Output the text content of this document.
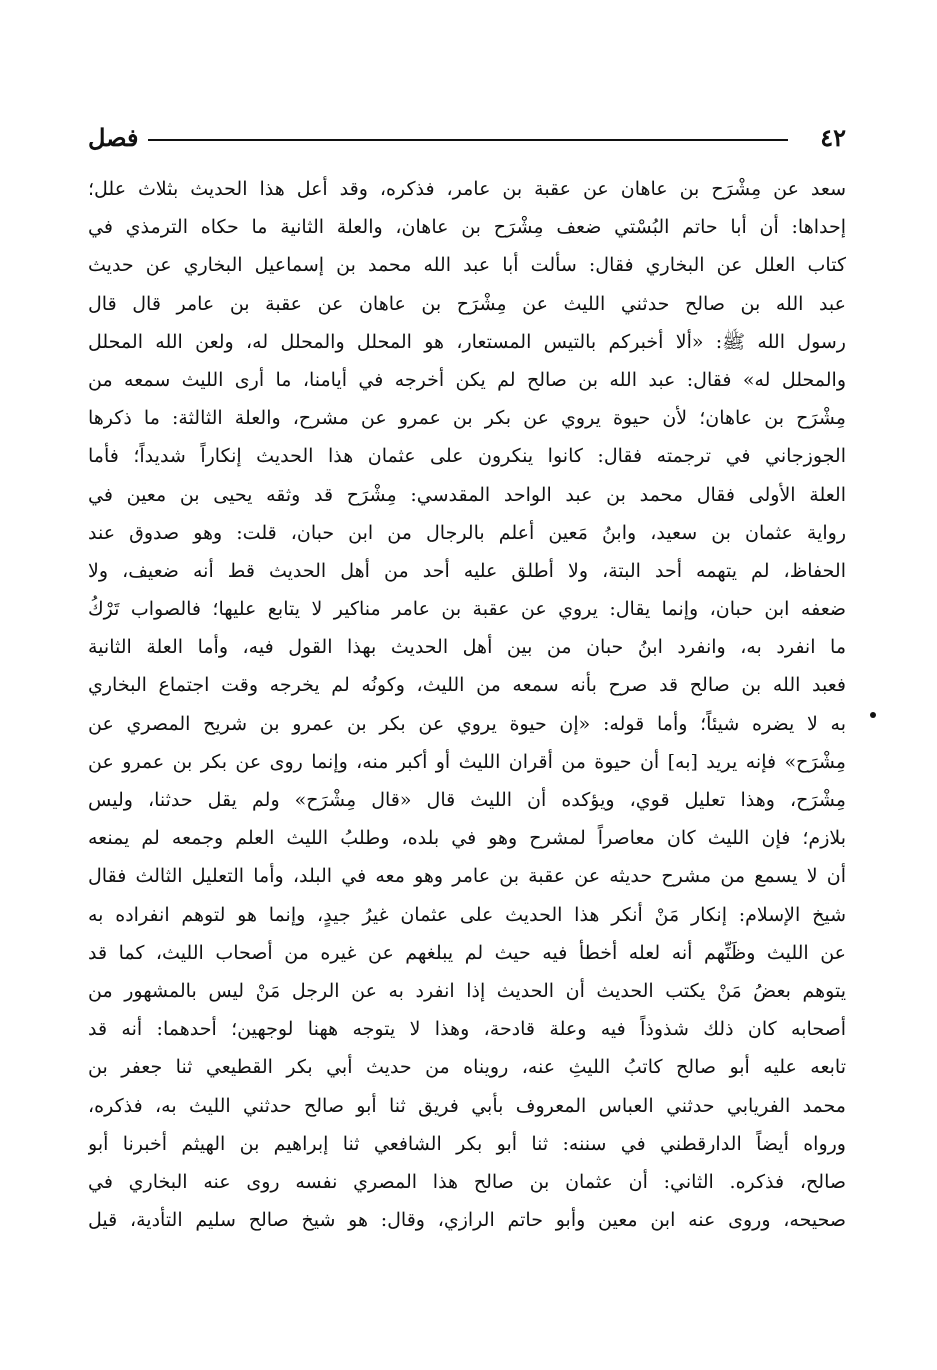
٤٢
فصل
سعد عن مِشْرَح بن عاهان عن عقبة بن عامر، فذكره، وقد أعل هذا الحديث بثلاث علل؛
إحداها: أن أبا حاتم البُسْتي ضعف مِشْرَح بن عاهان، والعلة الثانية ما حكاه الترمذي في
كتاب العلل عن البخاري فقال: سألت أبا عبد الله محمد بن إسماعيل البخاري عن حديث
عبد الله بن صالح حدثني الليث عن مِشْرَح بن عاهان عن عقبة بن عامر قال قال
رسول الله ﷺ: «ألا أخبركم بالتيس المستعار، هو المحلل والمحلل له، ولعن الله المحلل
والمحلل له» فقال: عبد الله بن صالح لم يكن أخرجه في أيامنا، ما أرى الليث سمعه من
مِشْرَح بن عاهان؛ لأن حيوة يروي عن بكر بن عمرو عن مشرح، والعلة الثالثة: ما ذكرها
الجوزجاني في ترجمته فقال: كانوا ينكرون على عثمان هذا الحديث إنكاراً شديداً؛ فأما
العلة الأولى فقال محمد بن عبد الواحد المقدسي: مِشْرَح قد وثقه يحيى بن معين في
رواية عثمان بن سعيد، وابنُ مَعين أعلم بالرجال من ابن حبان، قلت: وهو صدوق عند
الحفاظ، لم يتهمه أحد البتة، ولا أطلق عليه أحد من أهل الحديث قط أنه ضعيف، ولا
ضعفه ابن حبان، وإنما يقال: يروي عن عقبة بن عامر مناكير لا يتابع عليها؛ فالصواب تَرْكُ
ما انفرد به، وانفرد ابنُ حبان من بين أهل الحديث بهذا القول فيه، وأما العلة الثانية
فعبد الله بن صالح قد صرح بأنه سمعه من الليث، وكونُه لم يخرجه وقت اجتماع البخاري
به لا يضره شيئاً؛ وأما قوله: «إن حيوة يروي عن بكر بن عمرو بن شريح المصري عن
مِشْرَح» فإنه يريد [به] أن حيوة من أقران الليث أو أكبر منه، وإنما روى عن بكر بن عمرو عن
مِشْرَح، وهذا تعليل قوي، ويؤكده أن الليث قال «قال مِشْرَح» ولم يقل حدثنا، وليس
بلازم؛ فإن الليث كان معاصراً لمشرح وهو في بلده، وطلبُ الليث العلم وجمعه لم يمنعه
أن لا يسمع من مشرح حديثه عن عقبة بن عامر وهو معه في البلد، وأما التعليل الثالث فقال
شيخ الإسلام: إنكار مَنْ أنكر هذا الحديث على عثمان غيرُ جيدٍ، وإنما هو لتوهم انفراده به
عن الليث وظَنِّهم أنه لعله أخطأ فيه حيث لم يبلغهم عن غيره من أصحاب الليث، كما قد
يتوهم بعضُ مَنْ يكتب الحديث أن الحديث إذا انفرد به عن الرجل مَنْ ليس بالمشهور من
أصحابه كان ذلك شذوذاً فيه وعلة قادحة، وهذا لا يتوجه ههنا لوجهين؛ أحدهما: أنه قد
تابعه عليه أبو صالح كاتبُ الليثِ عنه، رويناه من حديث أبي بكر القطيعي ثنا جعفر بن
محمد الفريابي حدثني العباس المعروف بأبي فريق ثنا أبو صالح حدثني الليث به، فذكره،
ورواه أيضاً الدارقطني في سننه: ثنا أبو بكر الشافعي ثنا إبراهيم بن الهيثم أخبرنا أبو
صالح، فذكره. الثاني: أن عثمان بن صالح هذا المصري نفسه روى عنه البخاري في
صحيحه، وروى عنه ابن معين وأبو حاتم الرازي، وقال: هو شيخ صالح سليم التأدية، قيل
